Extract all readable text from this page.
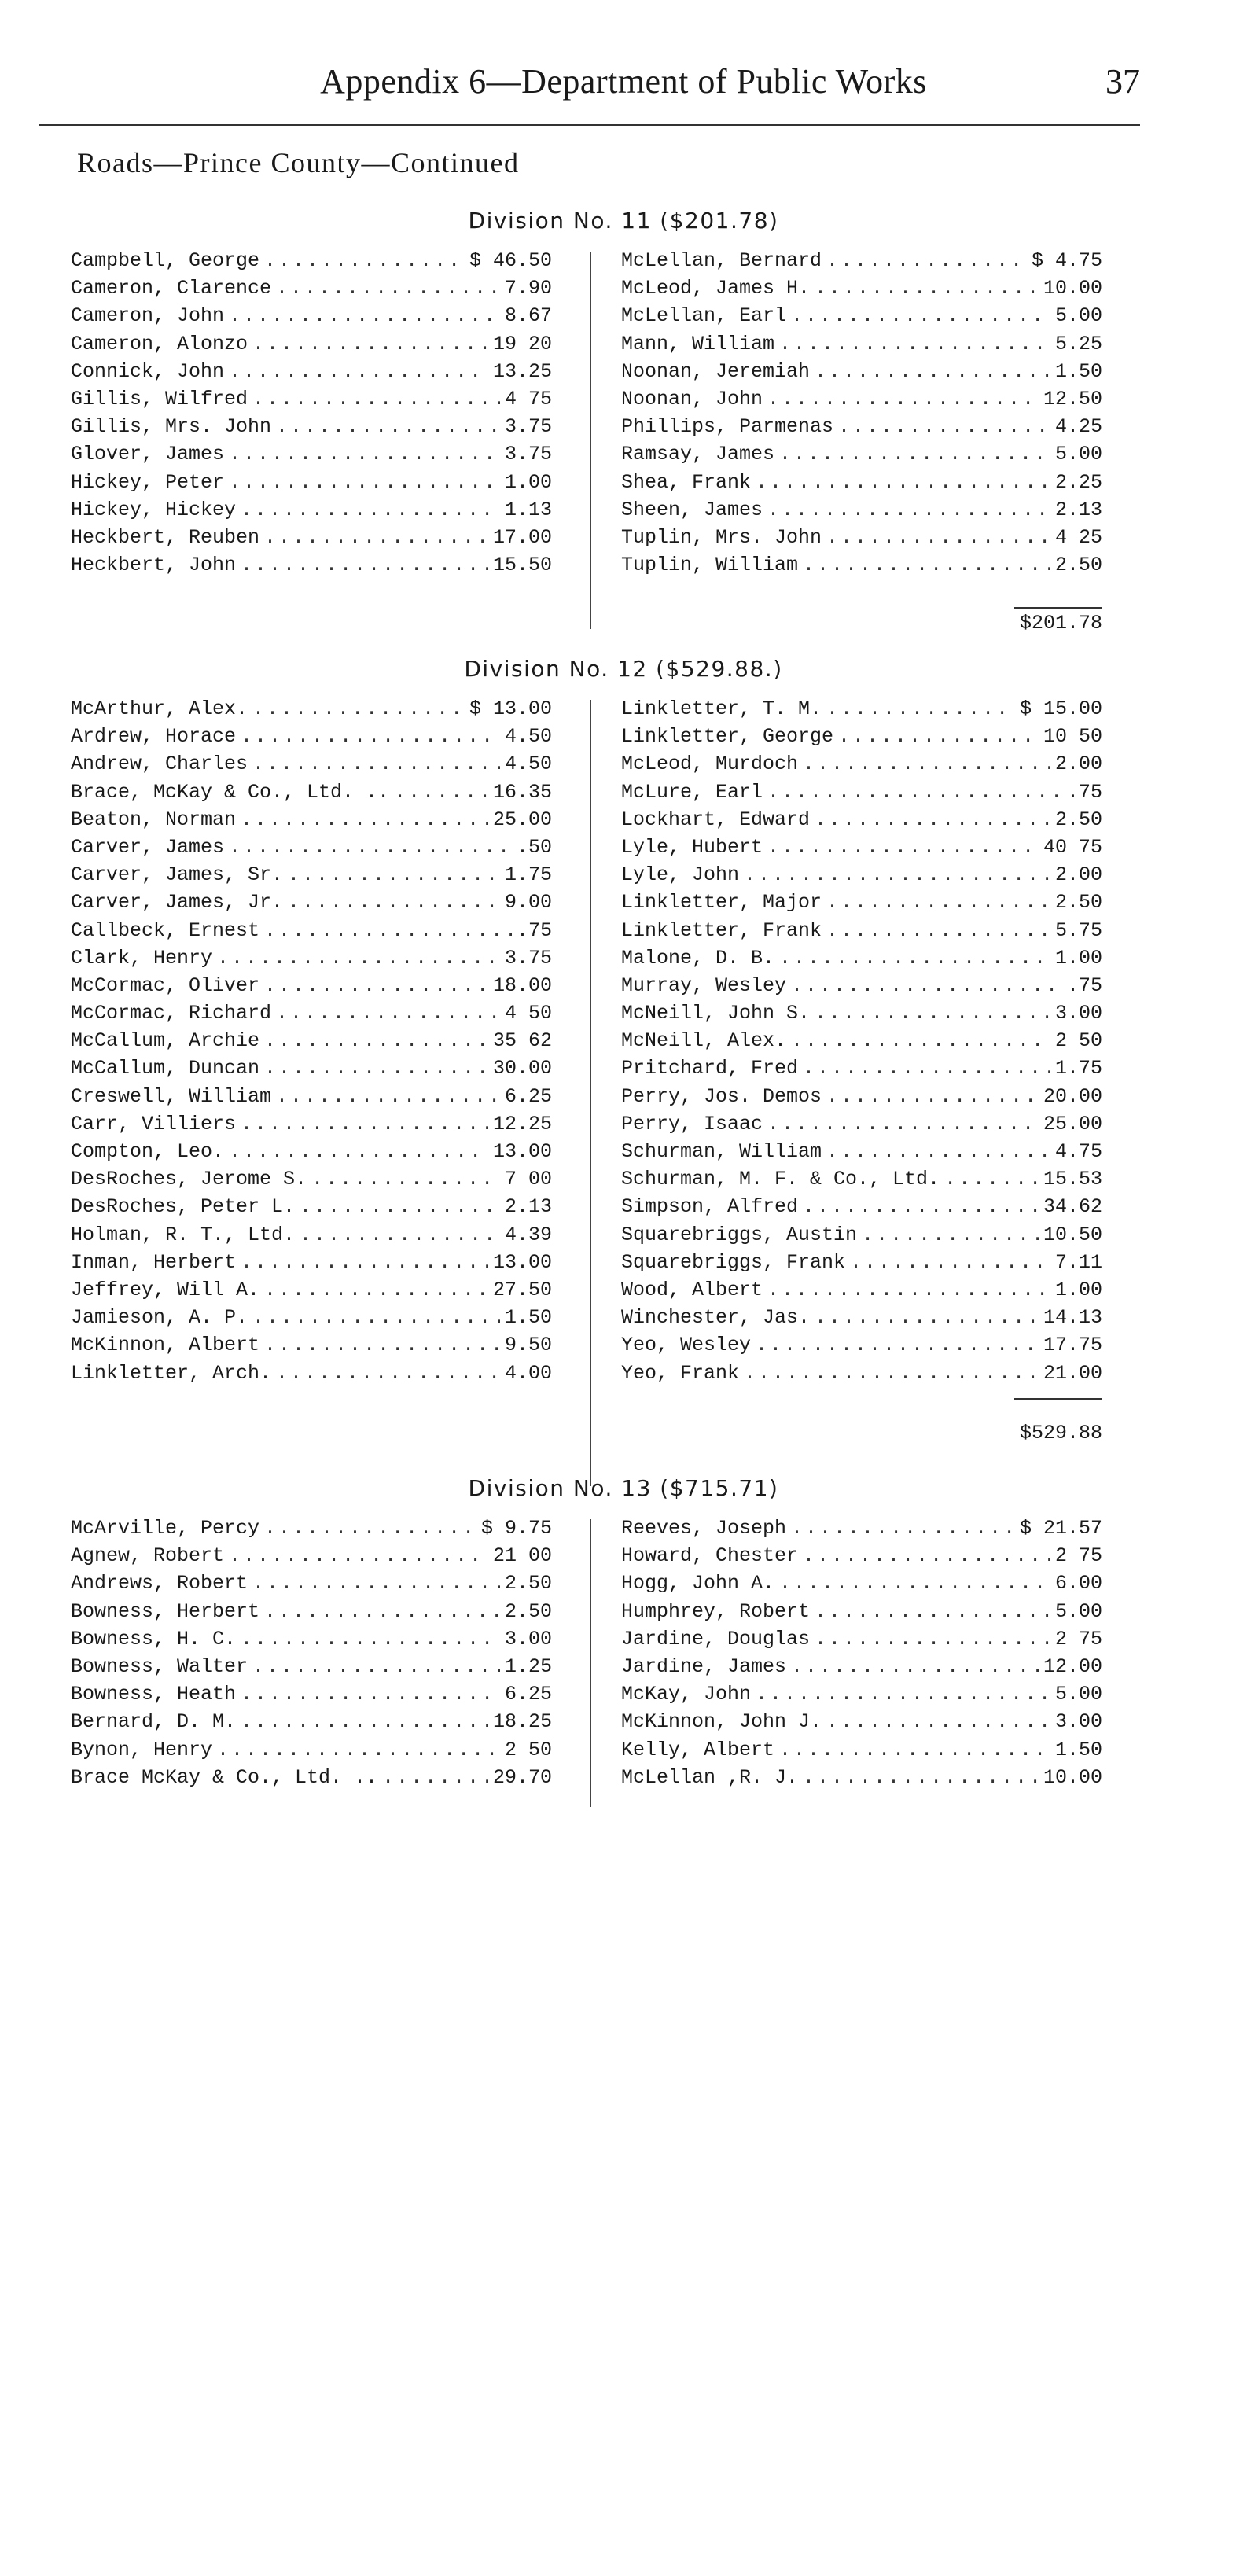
Appendix 6—Department of Public Works	37
Roads—Prince County—Continued
Division No. 11 ($201.78)
Campbell, George .....	$ 46.50
Cameron, Clarence .....	7.90
Cameron, John .....	8.67
Cameron, Alonzo .....	19 20
Connick, John .....	13.25
Gillis, Wilfred .....	4 75
Gillis, Mrs. John .....	3.75
Glover, James .....	3.75
Hickey, Peter .....	1.00
Hickey, Hickey .....	1.13
Heckbert, Reuben .....	17.00
Heckbert, John .....	15.50
McLellan, Bernard .....	$ 4.75
McLeod, James H. .....	10.00
McLellan, Earl .....	5.00
Mann, William .....	5.25
Noonan, Jeremiah .....	1.50
Noonan, John .....	12.50
Phillips, Parmenas .....	4.25
Ramsay, James .....	5.00
Shea, Frank .....	2.25
Sheen, James .....	2.13
Tuplin, Mrs. John .....	4 25
Tuplin, William .....	2.50
$201.78
Division No. 12 ($529.88.)
McArthur, Alex. .....	$ 13.00
Ardrew, Horace .....	4.50
Andrew, Charles .....	4.50
Brace, McKay & Co., Ltd. .. .....	16.35
Beaton, Norman .....	25.00
Carver, James .....	.50
Carver, James, Sr. .....	1.75
Carver, James, Jr. .....	9.00
Callbeck, Ernest .....	.75
Clark, Henry .....	3.75
McCormac, Oliver .....	18.00
McCormac, Richard .....	4 50
McCallum, Archie .....	35 62
McCallum, Duncan .....	30.00
Creswell, William .....	6.25
Carr, Villiers .....	12.25
Compton, Leo. .....	13.00
DesRoches, Jerome S. .....	7 00
DesRoches, Peter L. .....	2.13
Holman, R. T., Ltd. .....	4.39
Inman, Herbert .....	13.00
Jeffrey, Will A. .....	27.50
Jamieson, A. P. .....	1.50
McKinnon, Albert .....	9.50
Linkletter, Arch. .....	4.00
Linkletter, T. M. .....	$ 15.00
Linkletter, George .....	10 50
McLeod, Murdoch .....	2.00
McLure, Earl .....	.75
Lockhart, Edward .....	2.50
Lyle, Hubert .....	40 75
Lyle, John .....	2.00
Linkletter, Major .....	2.50
Linkletter, Frank .....	5.75
Malone, D. B. .....	1.00
Murray, Wesley .....	.75
McNeill, John S. .....	3.00
McNeill, Alex. .....	2 50
Pritchard, Fred .....	1.75
Perry, Jos. Demos .....	20.00
Perry, Isaac .....	25.00
Schurman, William .....	4.75
Schurman, M. F. & Co., Ltd. .....	15.53
Simpson, Alfred .....	34.62
Squarebriggs, Austin .....	10.50
Squarebriggs, Frank .....	7.11
Wood, Albert .....	1.00
Winchester, Jas. .....	14.13
Yeo, Wesley .....	17.75
Yeo, Frank .....	21.00
$529.88
Division No. 13 ($715.71)
McArville, Percy .....	$ 9.75
Agnew, Robert .....	21 00
Andrews, Robert .....	2.50
Bowness, Herbert .....	2.50
Bowness, H. C. .....	3.00
Bowness, Walter .....	1.25
Bowness, Heath .....	6.25
Bernard, D. M. .....	18.25
Bynon, Henry .....	2 50
Brace McKay & Co., Ltd. .. .....	29.70
Reeves, Joseph .....	$ 21.57
Howard, Chester .....	2 75
Hogg, John A. .....	6.00
Humphrey, Robert .....	5.00
Jardine, Douglas .....	2 75
Jardine, James .....	12.00
McKay, John .....	5.00
McKinnon, John J. .....	3.00
Kelly, Albert .....	1.50
McLellan ,R. J. .....	10.00
